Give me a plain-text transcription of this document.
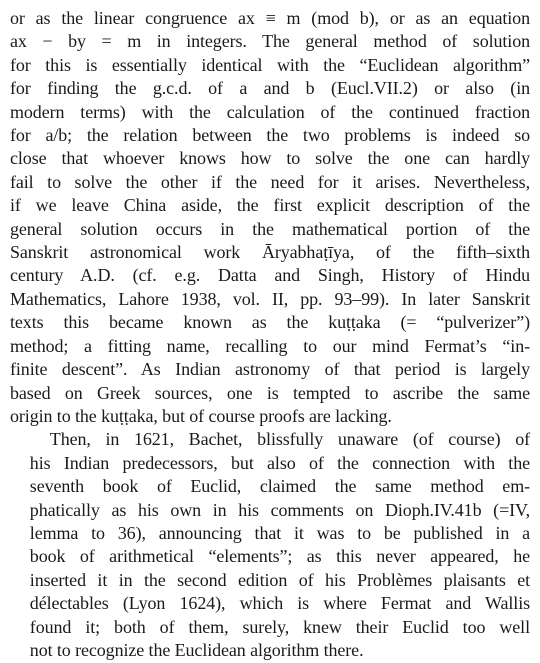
or as the linear congruence ax ≡ m (mod b), or as an equation
ax − by = m in integers. The general method of solution
for this is essentially identical with the “Euclidean algorithm”
for finding the g.c.d. of a and b (Eucl.VII.2) or also (in
modern terms) with the calculation of the continued fraction
for a/b; the relation between the two problems is indeed so
close that whoever knows how to solve the one can hardly
fail to solve the other if the need for it arises. Nevertheless,
if we leave China aside, the first explicit description of the
general solution occurs in the mathematical portion of the
Sanskrit astronomical work Āryabhaṭīya, of the fifth–sixth
century A.D. (cf. e.g. Datta and Singh, History of Hindu
Mathematics, Lahore 1938, vol. II, pp. 93–99). In later Sanskrit
texts this became known as the kuṭṭaka (= “pulverizer”)
method; a fitting name, recalling to our mind Fermat’s “in-
finite descent”. As Indian astronomy of that period is largely
based on Greek sources, one is tempted to ascribe the same
origin to the kuṭṭaka, but of course proofs are lacking.
Then, in 1621, Bachet, blissfully unaware (of course) of
his Indian predecessors, but also of the connection with the
seventh book of Euclid, claimed the same method em-
phatically as his own in his comments on Dioph.IV.41b (=IV,
lemma to 36), announcing that it was to be published in a
book of arithmetical “elements”; as this never appeared, he
inserted it in the second edition of his Problèmes plaisants et
délectables (Lyon 1624), which is where Fermat and Wallis
found it; both of them, surely, knew their Euclid too well
not to recognize the Euclidean algorithm there.
